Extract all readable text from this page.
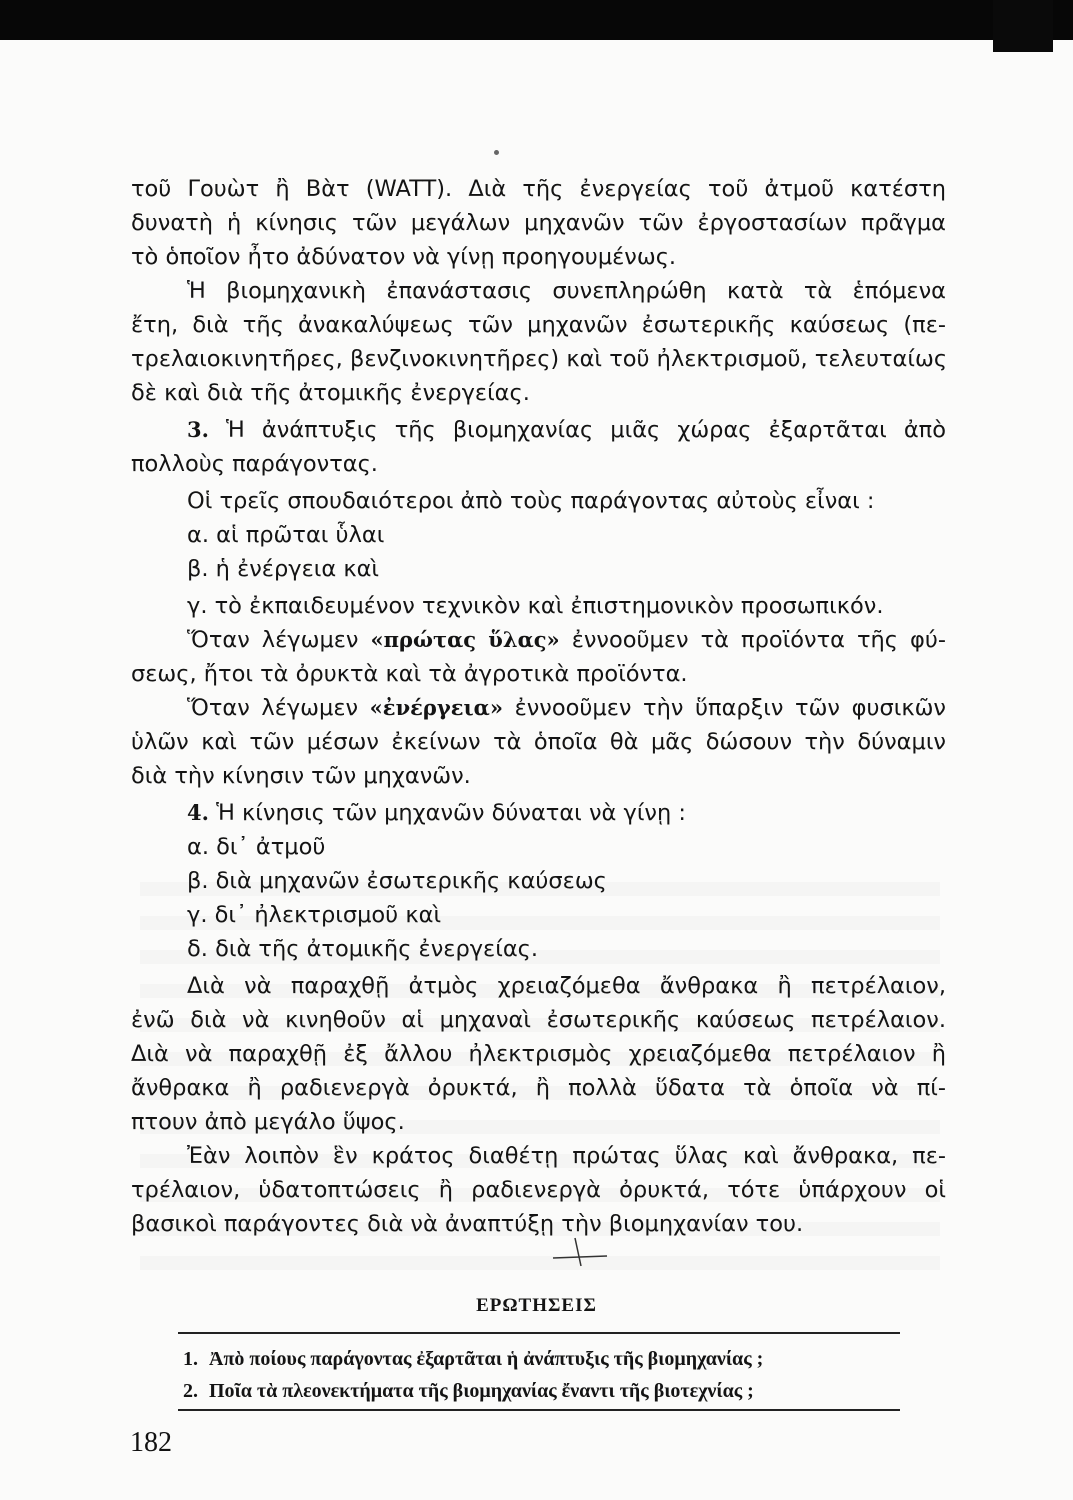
τοῦ Γουὼτ ἢ Βὰτ (WATT). Διὰ τῆς ἐνεργείας τοῦ ἀτμοῦ κατέστη
δυνατὴ ἡ κίνησις τῶν μεγάλων μηχανῶν τῶν ἐργοστασίων πρᾶγμα
τὸ ὁποῖον ἦτο ἀδύνατον νὰ γίνῃ προηγουμένως.
Ἡ βιομηχανικὴ ἐπανάστασις συνεπληρώθη κατὰ τὰ ἑπόμενα
ἔτη, διὰ τῆς ἀνακαλύψεως τῶν μηχανῶν ἐσωτερικῆς καύσεως (πε-
τρελαιοκινητῆρες, βενζινοκινητῆρες) καὶ τοῦ ἠλεκτρισμοῦ, τελευταίως
δὲ καὶ διὰ τῆς ἀτομικῆς ἐνεργείας.
3. Ἡ ἀνάπτυξις τῆς βιομηχανίας μιᾶς χώρας ἐξαρτᾶται ἀπὸ
πολλοὺς παράγοντας.
Οἱ τρεῖς σπουδαιότεροι ἀπὸ τοὺς παράγοντας αὐτοὺς εἶναι :
α. αἱ πρῶται ὗλαι
β. ἡ ἐνέργεια καὶ
γ. τὸ ἐκπαιδευμένον τεχνικὸν καὶ ἐπιστημονικὸν προσωπικόν.
Ὅταν λέγωμεν «πρώτας ὕλας» ἐννοοῦμεν τὰ προϊόντα τῆς φύ-
σεως, ἤτοι τὰ ὀρυκτὰ καὶ τὰ ἀγροτικὰ προϊόντα.
Ὅταν λέγωμεν «ἐνέργεια» ἐννοοῦμεν τὴν ὕπαρξιν τῶν φυσικῶν
ὑλῶν καὶ τῶν μέσων ἐκείνων τὰ ὁποῖα θὰ μᾶς δώσουν τὴν δύναμιν
διὰ τὴν κίνησιν τῶν μηχανῶν.
4. Ἡ κίνησις τῶν μηχανῶν δύναται νὰ γίνῃ :
α. δι᾽ ἀτμοῦ
β. διὰ μηχανῶν ἐσωτερικῆς καύσεως
γ. δι᾽ ἠλεκτρισμοῦ καὶ
δ. διὰ τῆς ἀτομικῆς ἐνεργείας.
Διὰ νὰ παραχθῇ ἀτμὸς χρειαζόμεθα ἄνθρακα ἢ πετρέλαιον,
ἐνῶ διὰ νὰ κινηθοῦν αἱ μηχαναὶ ἐσωτερικῆς καύσεως πετρέλαιον.
Διὰ νὰ παραχθῇ ἐξ ἄλλου ἠλεκτρισμὸς χρειαζόμεθα πετρέλαιον ἢ
ἄνθρακα ἢ ραδιενεργὰ ὀρυκτά, ἢ πολλὰ ὕδατα τὰ ὁποῖα νὰ πί-
πτουν ἀπὸ μεγάλο ὕψος.
Ἐὰν λοιπὸν ἓν κράτος διαθέτῃ πρώτας ὕλας καὶ ἄνθρακα, πε-
τρέλαιον, ὑδατοπτώσεις ἢ ραδιενεργὰ ὀρυκτά, τότε ὑπάρχουν οἱ
βασικοὶ παράγοντες διὰ νὰ ἀναπτύξῃ τὴν βιομηχανίαν του.
ΕΡΩΤΗΣΕΙΣ
1. Ἀπὸ ποίους παράγοντας ἐξαρτᾶται ἡ ἀνάπτυξις τῆς βιομηχανίας ;
2. Ποῖα τὰ πλεονεκτήματα τῆς βιομηχανίας ἔναντι τῆς βιοτεχνίας ;
182
